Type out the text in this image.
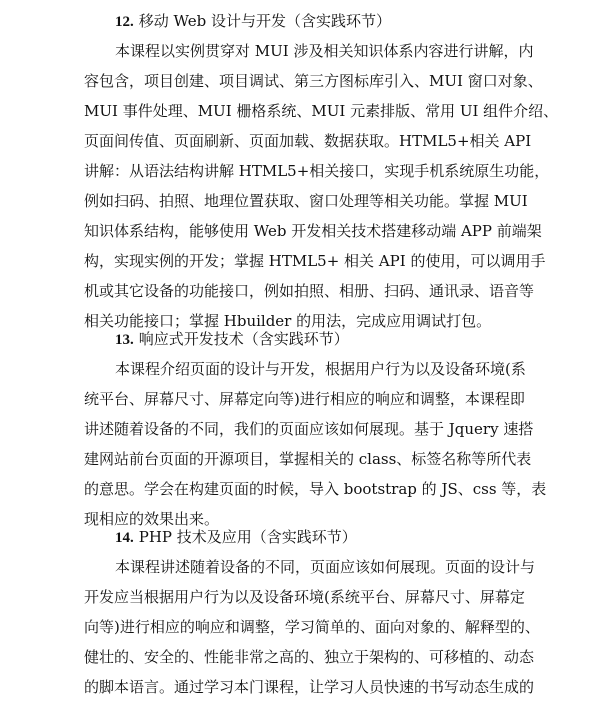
12. 移动 Web 设计与开发（含实践环节）
本课程以实例贯穿对 MUI 涉及相关知识体系内容进行讲解，内
容包含，项目创建、项目调试、第三方图标库引入、MUI 窗口对象、
MUI 事件处理、MUI 栅格系统、MUI 元素排版、常用 UI 组件介绍、
页面间传值、页面刷新、页面加载、数据获取。HTML5+相关 API
讲解：从语法结构讲解 HTML5+相关接口，实现手机系统原生功能，
例如扫码、拍照、地理位置获取、窗口处理等相关功能。掌握 MUI
知识体系结构，能够使用 Web 开发相关技术搭建移动端 APP 前端架
构，实现实例的开发；掌握 HTML5+ 相关 API 的使用，可以调用手
机或其它设备的功能接口，例如拍照、相册、扫码、通讯录、语音等
相关功能接口；掌握 Hbuilder 的用法，完成应用调试打包。
13. 响应式开发技术（含实践环节）
本课程介绍页面的设计与开发，根据用户行为以及设备环境(系
统平台、屏幕尺寸、屏幕定向等)进行相应的响应和调整，本课程即
讲述随着设备的不同，我们的页面应该如何展现。基于 Jquery 速搭
建网站前台页面的开源项目，掌握相关的 class、标签名称等所代表
的意思。学会在构建页面的时候，导入 bootstrap 的 JS、css 等，表
现相应的效果出来。
14. PHP 技术及应用（含实践环节）
本课程讲述随着设备的不同，页面应该如何展现。页面的设计与
开发应当根据用户行为以及设备环境(系统平台、屏幕尺寸、屏幕定
向等)进行相应的响应和调整，学习简单的、面向对象的、解释型的、
健壮的、安全的、性能非常之高的、独立于架构的、可移植的、动态
的脚本语言。通过学习本门课程，让学习人员快速的书写动态生成的
